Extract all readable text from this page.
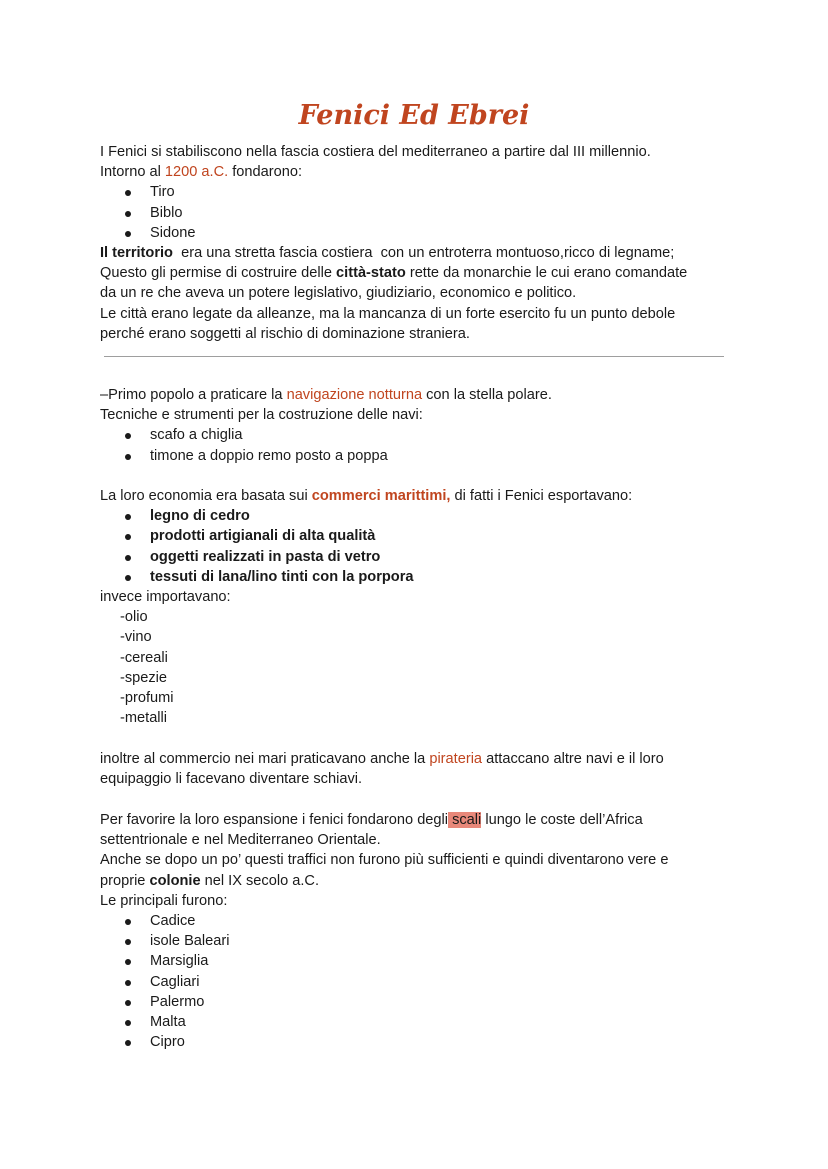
Fenici Ed Ebrei

I Fenici si stabiliscono nella fascia costiera del mediterraneo a partire dal III millennio.

Intorno al 1200 a.C. fondarono:

Tiro
Biblo
Sidone

Il territorio  era una stretta fascia costiera  con un entroterra montuoso,ricco di legname;

Questo gli permise di costruire delle città-stato rette da monarchie le cui erano comandate

da un re che aveva un potere legislativo, giudiziario, economico e politico.

Le città erano legate da alleanze, ma la mancanza di un forte esercito fu un punto debole

perché erano soggetti al rischio di dominazione straniera.

–Primo popolo a praticare la navigazione notturna con la stella polare.

Tecniche e strumenti per la costruzione delle navi:

scafo a chiglia
timone a doppio remo posto a poppa

La loro economia era basata sui commerci marittimi, di fatti i Fenici esportavano:

legno di cedro
prodotti artigianali di alta qualità
oggetti realizzati in pasta di vetro
tessuti di lana/lino tinti con la porpora

invece importavano:

-olio
-vino
-cereali
-spezie
-profumi
-metalli

inoltre al commercio nei mari praticavano anche la pirateria attaccano altre navi e il loro

equipaggio li facevano diventare schiavi.

Per favorire la loro espansione i fenici fondarono degli scali lungo le coste dell’Africa

settentrionale e nel Mediterraneo Orientale.

Anche se dopo un po’ questi traffici non furono più sufficienti e quindi diventarono vere e

proprie colonie nel IX secolo a.C.

Le principali furono:

Cadice
isole Baleari
Marsiglia
Cagliari
Palermo
Malta
Cipro
